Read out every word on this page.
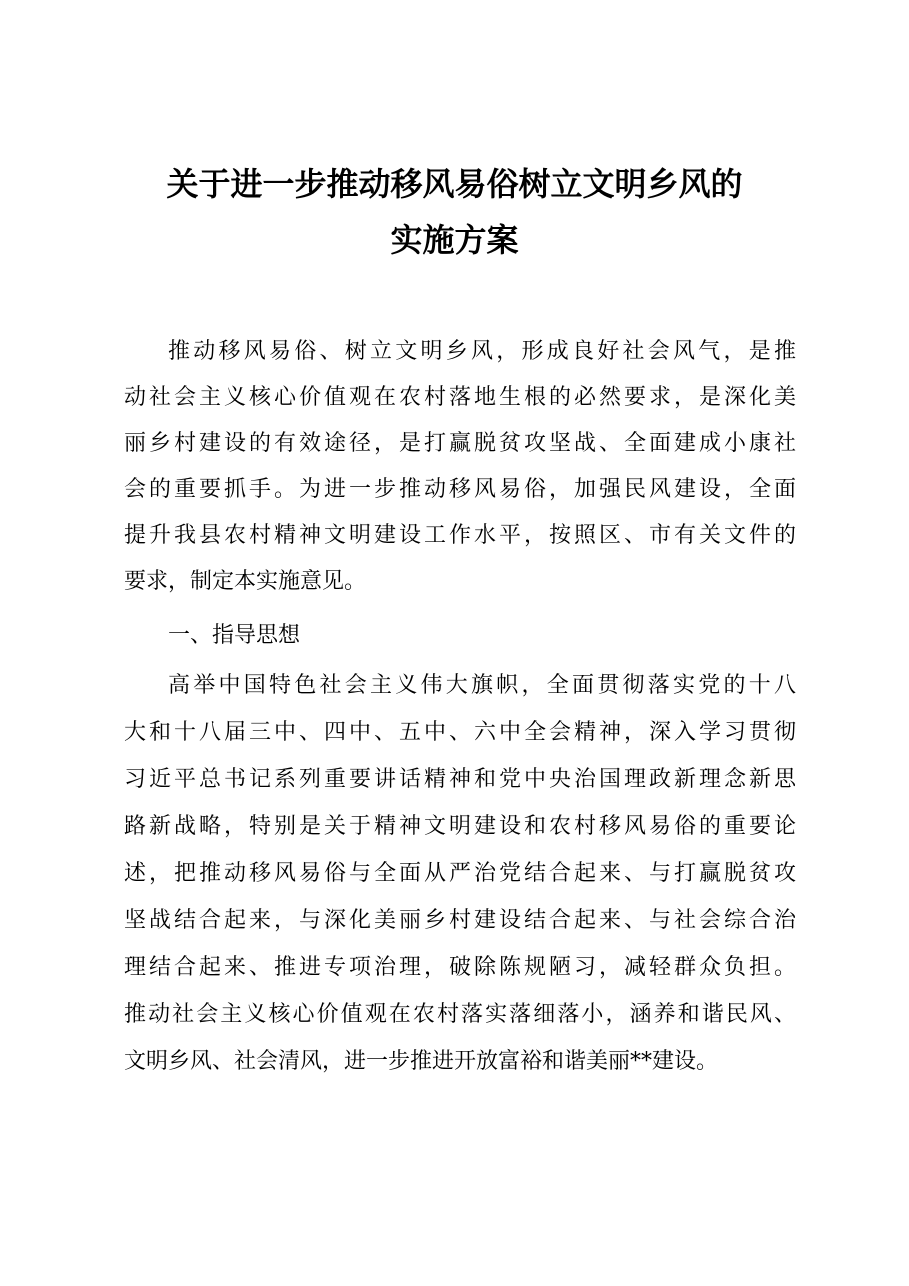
关于进一步推动移风易俗树立文明乡风的
实施方案
推动移风易俗、树立文明乡风，形成良好社会风气，是推
动社会主义核心价值观在农村落地生根的必然要求，是深化美
丽乡村建设的有效途径，是打赢脱贫攻坚战、全面建成小康社
会的重要抓手。为进一步推动移风易俗，加强民风建设，全面
提升我县农村精神文明建设工作水平，按照区、市有关文件的
要求，制定本实施意见。
一、指导思想
高举中国特色社会主义伟大旗帜，全面贯彻落实党的十八
大和十八届三中、四中、五中、六中全会精神，深入学习贯彻
习近平总书记系列重要讲话精神和党中央治国理政新理念新思
路新战略，特别是关于精神文明建设和农村移风易俗的重要论
述，把推动移风易俗与全面从严治党结合起来、与打赢脱贫攻
坚战结合起来，与深化美丽乡村建设结合起来、与社会综合治
理结合起来、推进专项治理，破除陈规陋习，减轻群众负担。
推动社会主义核心价值观在农村落实落细落小，涵养和谐民风、
文明乡风、社会清风，进一步推进开放富裕和谐美丽**建设。
